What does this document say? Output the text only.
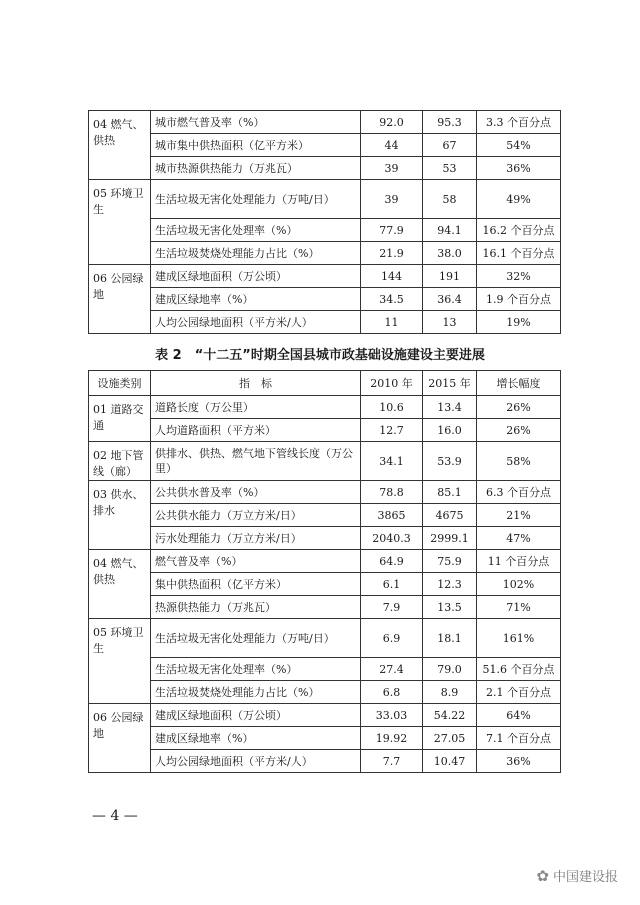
04 燃气、供热	城市燃气普及率（%）	92.0	95.3	3.3 个百分点
	城市集中供热面积（亿平方米）	44	67	54%
	城市热源供热能力（万兆瓦）	39	53	36%
05 环境卫生	生活垃圾无害化处理能力（万吨/日）	39	58	49%
	生活垃圾无害化处理率（%）	77.9	94.1	16.2 个百分点
	生活垃圾焚烧处理能力占比（%）	21.9	38.0	16.1 个百分点
06 公园绿地	建成区绿地面积（万公顷）	144	191	32%
	建成区绿地率（%）	34.5	36.4	1.9 个百分点
	人均公园绿地面积（平方米/人）	11	13	19%
表 2　“十二五”时期全国县城市政基础设施建设主要进展
设施类别	指　标	2010 年	2015 年	增长幅度
01 道路交通	道路长度（万公里）	10.6	13.4	26%
	人均道路面积（平方米）	12.7	16.0	26%
02 地下管线（廊）	供排水、供热、燃气地下管线长度（万公里）	34.1	53.9	58%
03 供水、排水	公共供水普及率（%）	78.8	85.1	6.3 个百分点
	公共供水能力（万立方米/日）	3865	4675	21%
	污水处理能力（万立方米/日）	2040.3	2999.1	47%
04 燃气、供热	燃气普及率（%）	64.9	75.9	11 个百分点
	集中供热面积（亿平方米）	6.1	12.3	102%
	热源供热能力（万兆瓦）	7.9	13.5	71%
05 环境卫生	生活垃圾无害化处理能力（万吨/日）	6.9	18.1	161%
	生活垃圾无害化处理率（%）	27.4	79.0	51.6 个百分点
	生活垃圾焚烧处理能力占比（%）	6.8	8.9	2.1 个百分点
06 公园绿地	建成区绿地面积（万公顷）	33.03	54.22	64%
	建成区绿地率（%）	19.92	27.05	7.1 个百分点
	人均公园绿地面积（平方米/人）	7.7	10.47	36%
— 4 —
✿ 中国建设报
